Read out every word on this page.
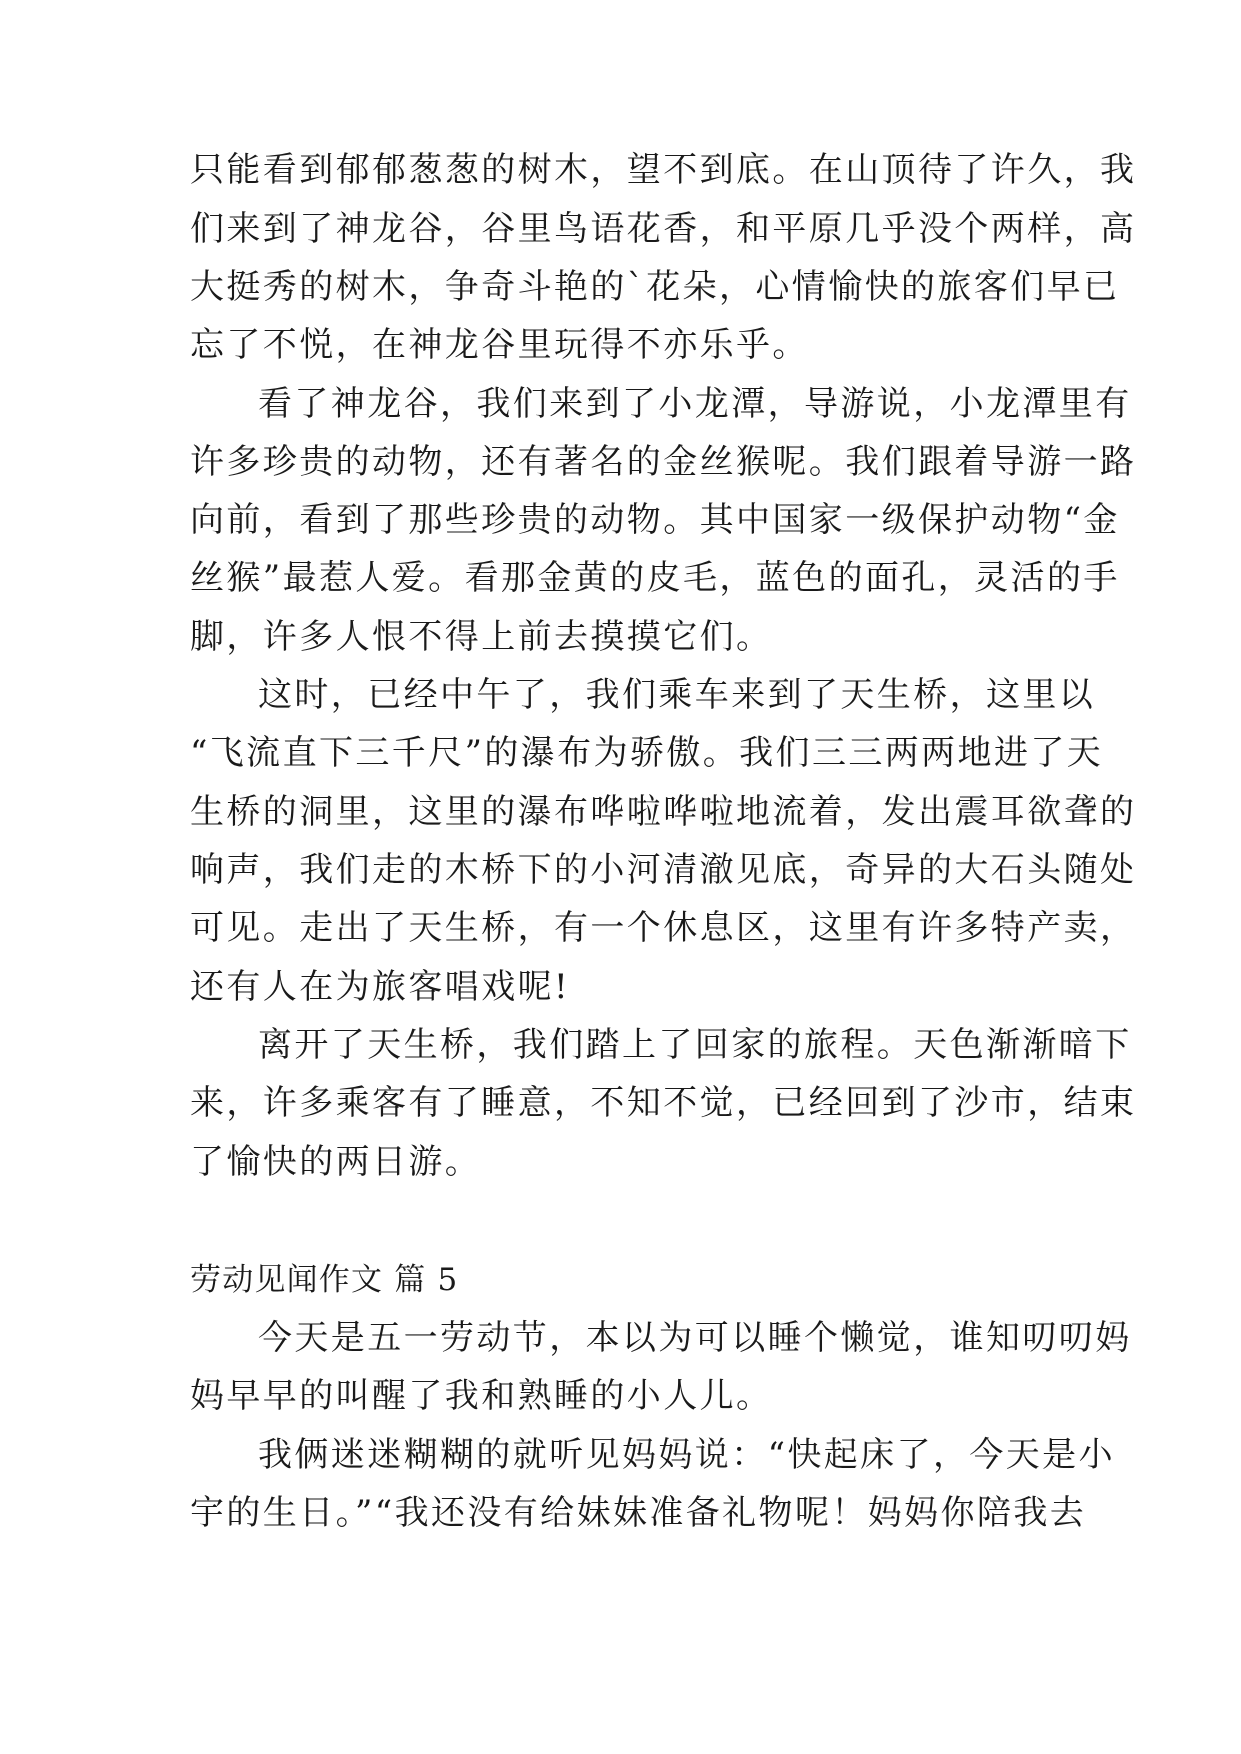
只能看到郁郁葱葱的树木，望不到底。在山顶待了许久，我
们来到了神龙谷，谷里鸟语花香，和平原几乎没个两样，高
大挺秀的树木，争奇斗艳的`花朵，心情愉快的旅客们早已
忘了不悦，在神龙谷里玩得不亦乐乎。
看了神龙谷，我们来到了小龙潭，导游说，小龙潭里有
许多珍贵的动物，还有著名的金丝猴呢。我们跟着导游一路
向前，看到了那些珍贵的动物。其中国家一级保护动物“金
丝猴”最惹人爱。看那金黄的皮毛，蓝色的面孔，灵活的手
脚，许多人恨不得上前去摸摸它们。
这时，已经中午了，我们乘车来到了天生桥，这里以
“飞流直下三千尺”的瀑布为骄傲。我们三三两两地进了天
生桥的洞里，这里的瀑布哗啦哗啦地流着，发出震耳欲聋的
响声，我们走的木桥下的小河清澈见底，奇异的大石头随处
可见。走出了天生桥，有一个休息区，这里有许多特产卖，
还有人在为旅客唱戏呢!
离开了天生桥，我们踏上了回家的旅程。天色渐渐暗下
来，许多乘客有了睡意，不知不觉，已经回到了沙市，结束
了愉快的两日游。
劳动见闻作文 篇 5
今天是五一劳动节，本以为可以睡个懒觉，谁知叨叨妈
妈早早的叫醒了我和熟睡的小人儿。
我俩迷迷糊糊的就听见妈妈说：“快起床了，今天是小
宇的生日。”“我还没有给妹妹准备礼物呢！妈妈你陪我去
